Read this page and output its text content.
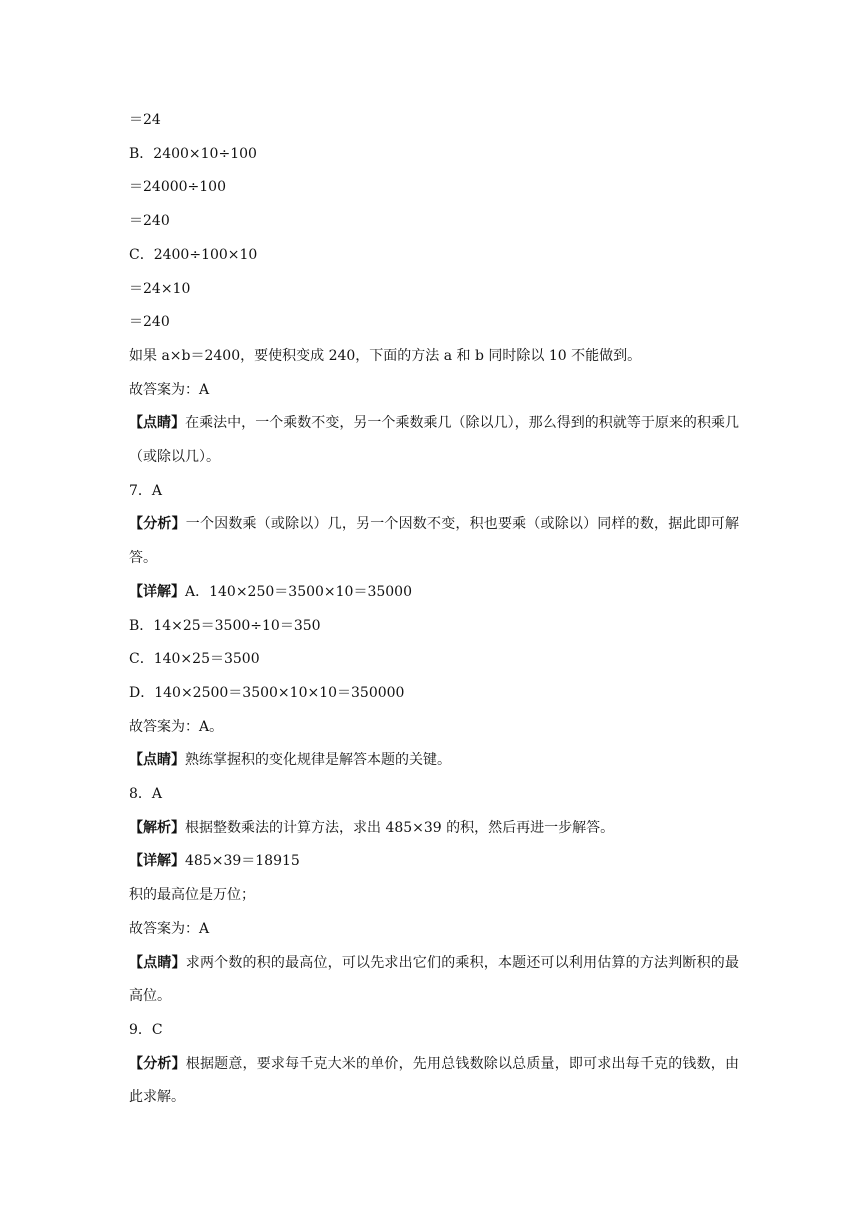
＝24

B．2400×10÷100

＝24000÷100

＝240

C．2400÷100×10

＝24×10

＝240

如果 a×b＝2400，要使积变成 240，下面的方法 a 和 b 同时除以 10 不能做到。

故答案为：A

【点睛】在乘法中，一个乘数不变，另一个乘数乘几（除以几），那么得到的积就等于原来的积乘几（或除以几）。

7．A

【分析】一个因数乘（或除以）几，另一个因数不变，积也要乘（或除以）同样的数，据此即可解答。

【详解】A．140×250＝3500×10＝35000

B．14×25＝3500÷10＝350

C．140×25＝3500

D．140×2500＝3500×10×10＝350000

故答案为：A。

【点睛】熟练掌握积的变化规律是解答本题的关键。

8．A

【解析】根据整数乘法的计算方法，求出 485×39 的积，然后再进一步解答。

【详解】485×39＝18915

积的最高位是万位；

故答案为：A

【点睛】求两个数的积的最高位，可以先求出它们的乘积，本题还可以利用估算的方法判断积的最高位。

9．C

【分析】根据题意，要求每千克大米的单价，先用总钱数除以总质量，即可求出每千克的钱数，由此求解。
